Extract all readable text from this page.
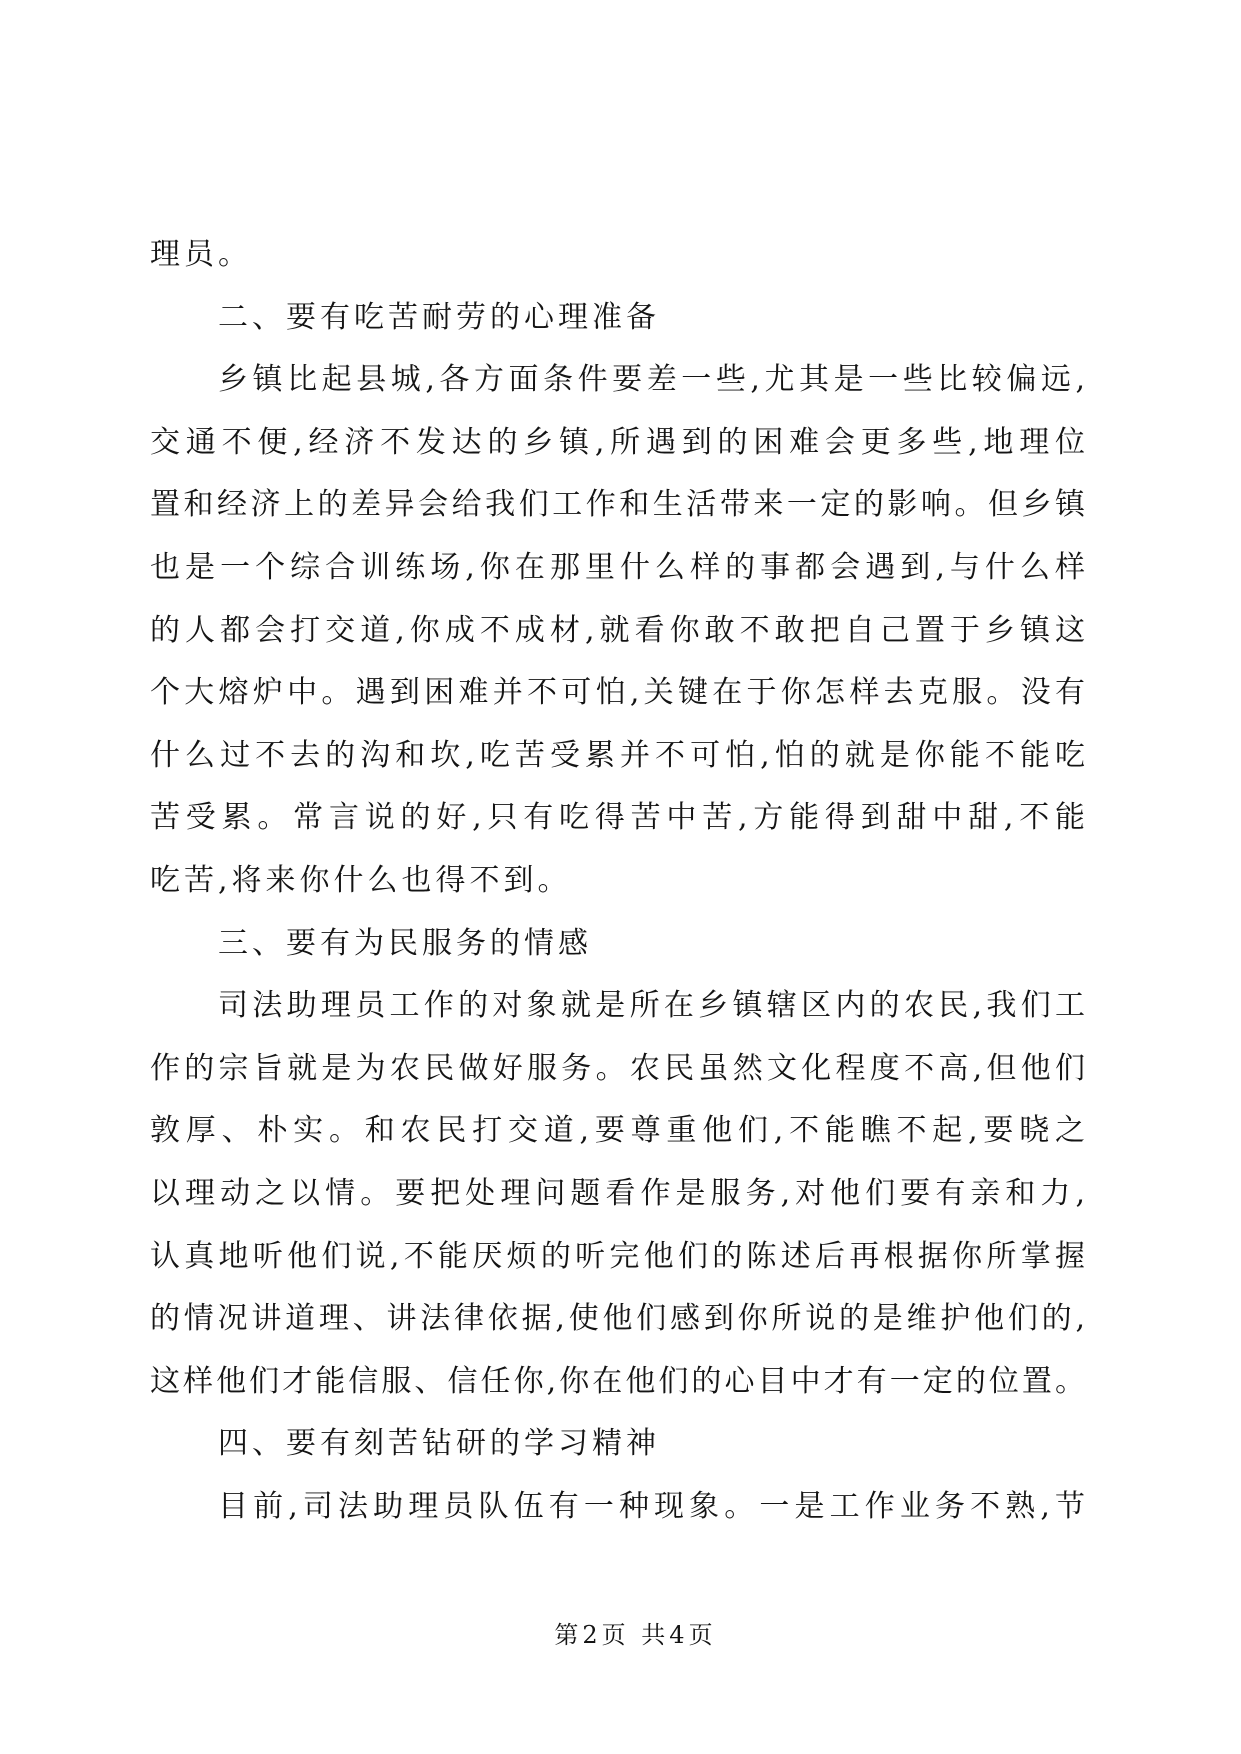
理员。
二、要有吃苦耐劳的心理准备
乡镇比起县城,各方面条件要差一些,尤其是一些比较偏远,
交通不便,经济不发达的乡镇,所遇到的困难会更多些,地理位
置和经济上的差异会给我们工作和生活带来一定的影响。但乡镇
也是一个综合训练场,你在那里什么样的事都会遇到,与什么样
的人都会打交道,你成不成材,就看你敢不敢把自己置于乡镇这
个大熔炉中。遇到困难并不可怕,关键在于你怎样去克服。没有
什么过不去的沟和坎,吃苦受累并不可怕,怕的就是你能不能吃
苦受累。常言说的好,只有吃得苦中苦,方能得到甜中甜,不能
吃苦,将来你什么也得不到。
三、要有为民服务的情感
司法助理员工作的对象就是所在乡镇辖区内的农民,我们工
作的宗旨就是为农民做好服务。农民虽然文化程度不高,但他们
敦厚、朴实。和农民打交道,要尊重他们,不能瞧不起,要晓之
以理动之以情。要把处理问题看作是服务,对他们要有亲和力,
认真地听他们说,不能厌烦的听完他们的陈述后再根据你所掌握
的情况讲道理、讲法律依据,使他们感到你所说的是维护他们的,
这样他们才能信服、信任你,你在他们的心目中才有一定的位置。
四、要有刻苦钻研的学习精神
目前,司法助理员队伍有一种现象。一是工作业务不熟,节
第2页 共4页
